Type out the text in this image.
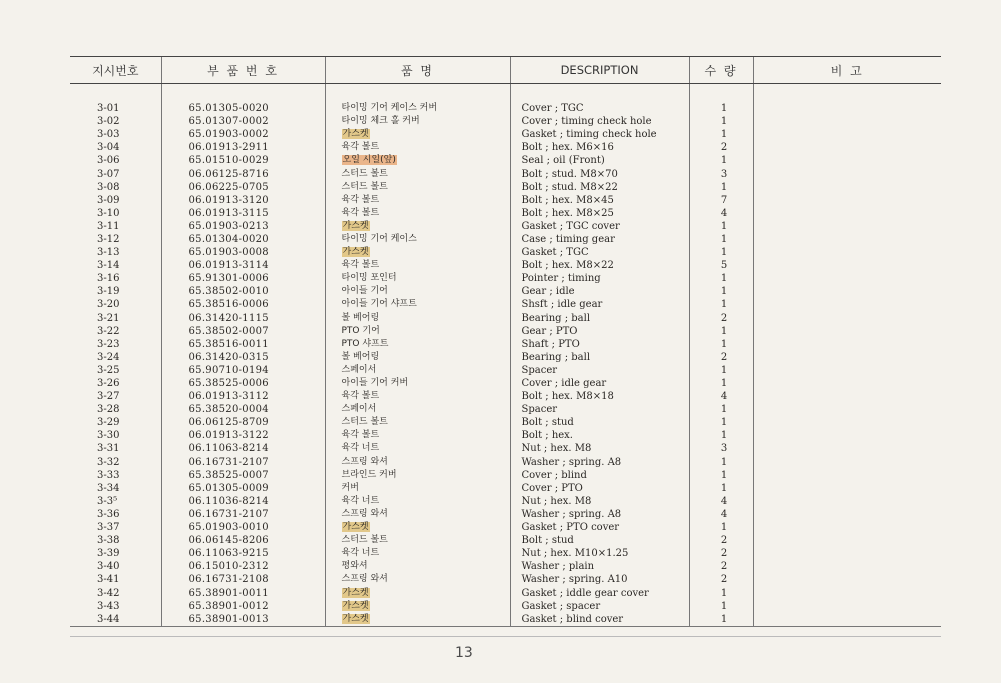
지시번호	부 품 번 호	품 명	DESCRIPTION	수 량	비 고

3-01	65.01305-0020	타이밍 기어 케이스 커버	Cover ; TGC	1	
3-02	65.01307-0002	타이밍 체크 홀 커버	Cover ; timing check hole	1	
3-03	65.01903-0002	가스켓	Gasket ; timing check hole	1	
3-04	06.01913-2911	육각 볼트	Bolt ; hex. M6×16	2	
3-06	65.01510-0029	오일 시일(앞)	Seal ; oil (Front)	1	
3-07	06.06125-8716	스터드 볼트	Bolt ; stud. M8×70	3	
3-08	06.06225-0705	스터드 볼트	Bolt ; stud. M8×22	1	
3-09	06.01913-3120	육각 볼트	Bolt ; hex. M8×45	7	
3-10	06.01913-3115	육각 볼트	Bolt ; hex. M8×25	4	
3-11	65.01903-0213	가스켓	Gasket ; TGC cover	1	
3-12	65.01304-0020	타이밍 기어 케이스	Case ; timing gear	1	
3-13	65.01903-0008	가스켓	Gasket ; TGC	1	
3-14	06.01913-3114	육각 볼트	Bolt ; hex. M8×22	5	
3-16	65.91301-0006	타이밍 포인터	Pointer ; timing	1	
3-19	65.38502-0010	아이들 기어	Gear ; idle	1	
3-20	65.38516-0006	아이들 기어 샤프트	Shsft ; idle gear	1	
3-21	06.31420-1115	볼 베어링	Bearing ; ball	2	
3-22	65.38502-0007	PTO 기어	Gear ; PTO	1	
3-23	65.38516-0011	PTO 샤프트	Shaft ; PTO	1	
3-24	06.31420-0315	볼 베어링	Bearing ; ball	2	
3-25	65.90710-0194	스페이서	Spacer	1	
3-26	65.38525-0006	아이들 기어 커버	Cover ; idle gear	1	
3-27	06.01913-3112	육각 볼트	Bolt ; hex. M8×18	4	
3-28	65.38520-0004	스페이서	Spacer	1	
3-29	06.06125-8709	스터드 볼트	Bolt ; stud	1	
3-30	06.01913-3122	육각 볼트	Bolt ; hex.	1	
3-31	06.11063-8214	육각 너트	Nut ; hex. M8	3	
3-32	06.16731-2107	스프링 와셔	Washer ; spring. A8	1	
3-33	65.38525-0007	브라인드 커버	Cover ; blind	1	
3-34	65.01305-0009	커버	Cover ; PTO	1	
3-3⁵	06.11036-8214	육각 너트	Nut ; hex. M8	4	
3-36	06.16731-2107	스프링 와셔	Washer ; spring. A8	4	
3-37	65.01903-0010	가스켓	Gasket ; PTO cover	1	
3-38	06.06145-8206	스터드 볼트	Bolt ; stud	2	
3-39	06.11063-9215	육각 너트	Nut ; hex. M10×1.25	2	
3-40	06.15010-2312	평와셔	Washer ; plain	2	
3-41	06.16731-2108	스프링 와셔	Washer ; spring. A10	2	
3-42	65.38901-0011	가스켓	Gasket ; iddle gear cover	1	
3-43	65.38901-0012	가스켓	Gasket ; spacer	1	
3-44	65.38901-0013	가스켓	Gasket ; blind cover	1	
13
